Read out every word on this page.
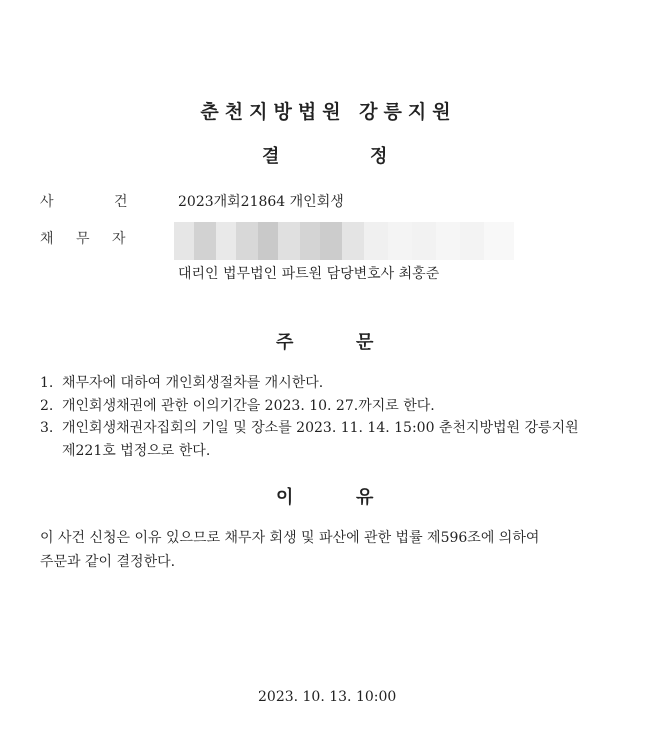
춘천지방법원 강릉지원
결	정
사	건	2023개회21864 개인회생
채 무 자
대리인 법무법인 파트원 담당변호사 최홍준
주	문
1. 채무자에 대하여 개인회생절차를 개시한다.
2. 개인회생채권에 관한 이의기간을 2023. 10. 27.까지로 한다.
3. 개인회생채권자집회의 기일 및 장소를 2023. 11. 14. 15:00 춘천지방법원 강릉지원
제221호 법정으로 한다.
이	유
이 사건 신청은 이유 있으므로 채무자 회생 및 파산에 관한 법률 제596조에 의하여
주문과 같이 결정한다.
2023. 10. 13. 10:00
